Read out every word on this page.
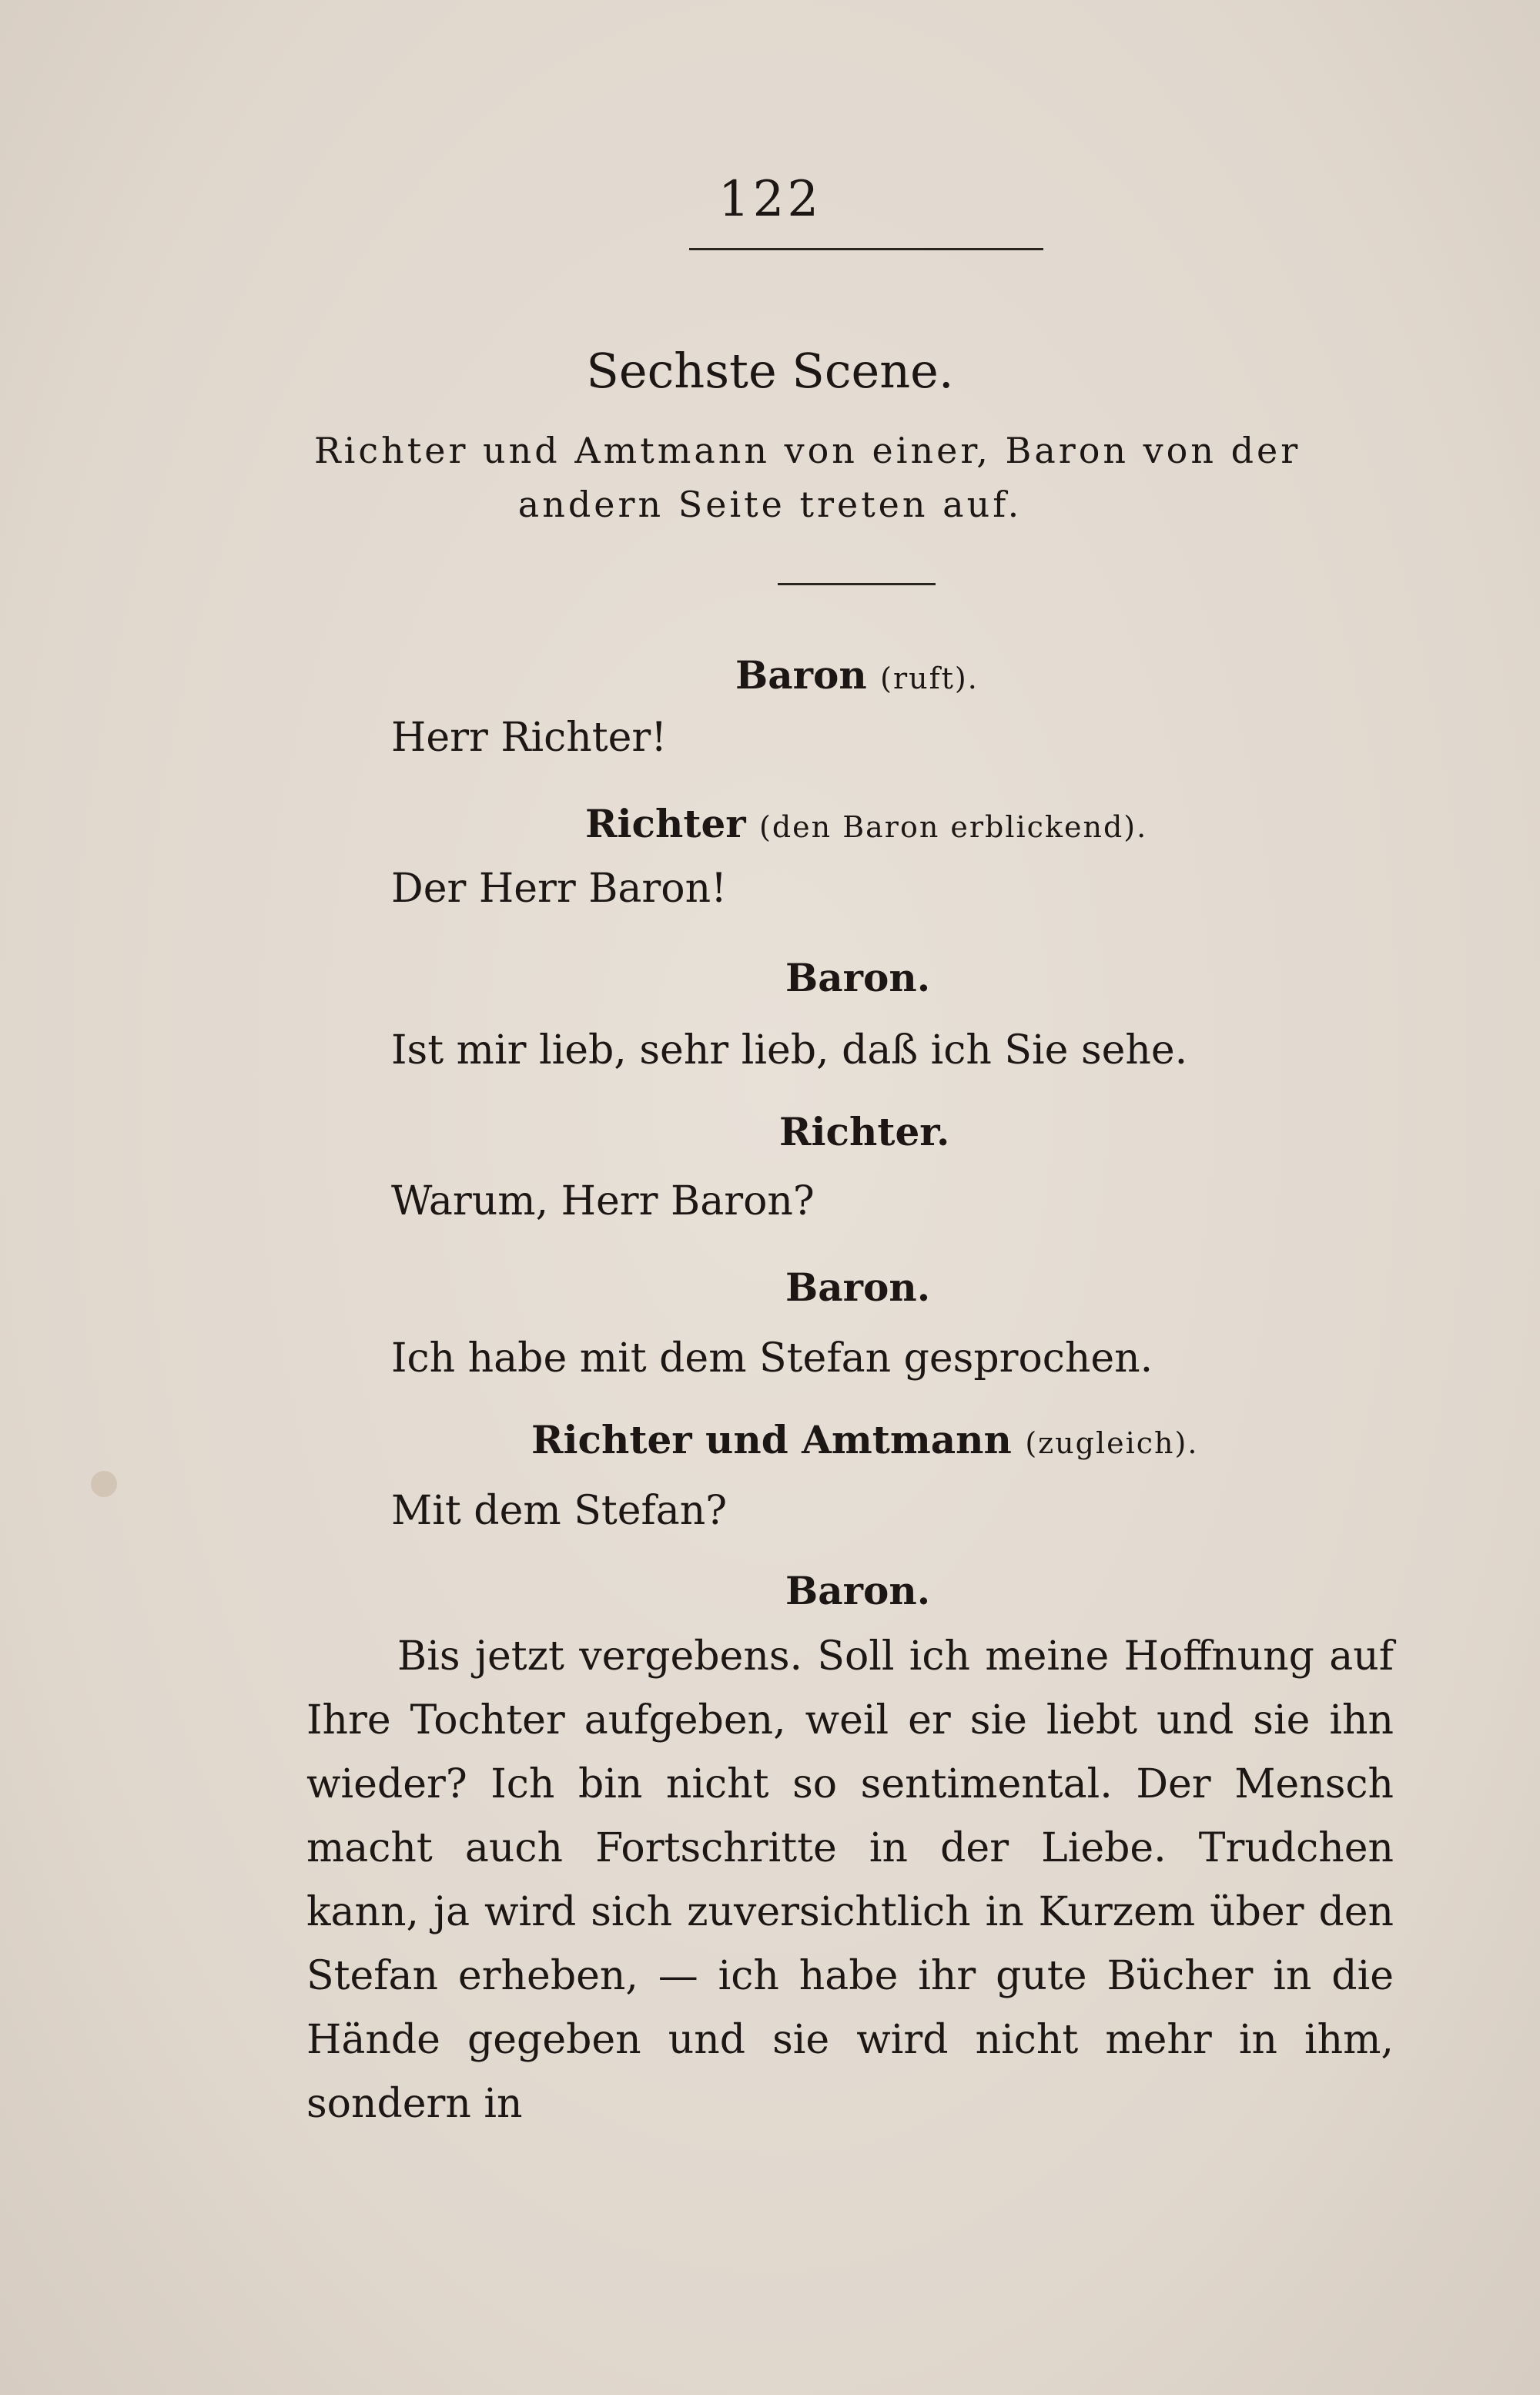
122
Sechste Scene.
Richter und Amtmann von einer, Baron von der
andern Seite treten auf.
Baron (ruft).
Herr Richter!
Richter (den Baron erblickend).
Der Herr Baron!
Baron.
Ist mir lieb, sehr lieb, daß ich Sie sehe.
Richter.
Warum, Herr Baron?
Baron.
Ich habe mit dem Stefan gesprochen.
Richter und Amtmann (zugleich).
Mit dem Stefan?
Baron.

Bis jetzt vergebens. Soll ich meine Hoffnung auf Ihre Tochter aufgeben, weil er sie liebt und sie ihn wieder? Ich bin nicht so sentimental. Der Mensch macht auch Fortschritte in der Liebe. Trudchen kann, ja wird sich zuversichtlich in Kurzem über den Stefan erheben, — ich habe ihr gute Bücher in die Hände gegeben und sie wird nicht mehr in ihm, sondern in
